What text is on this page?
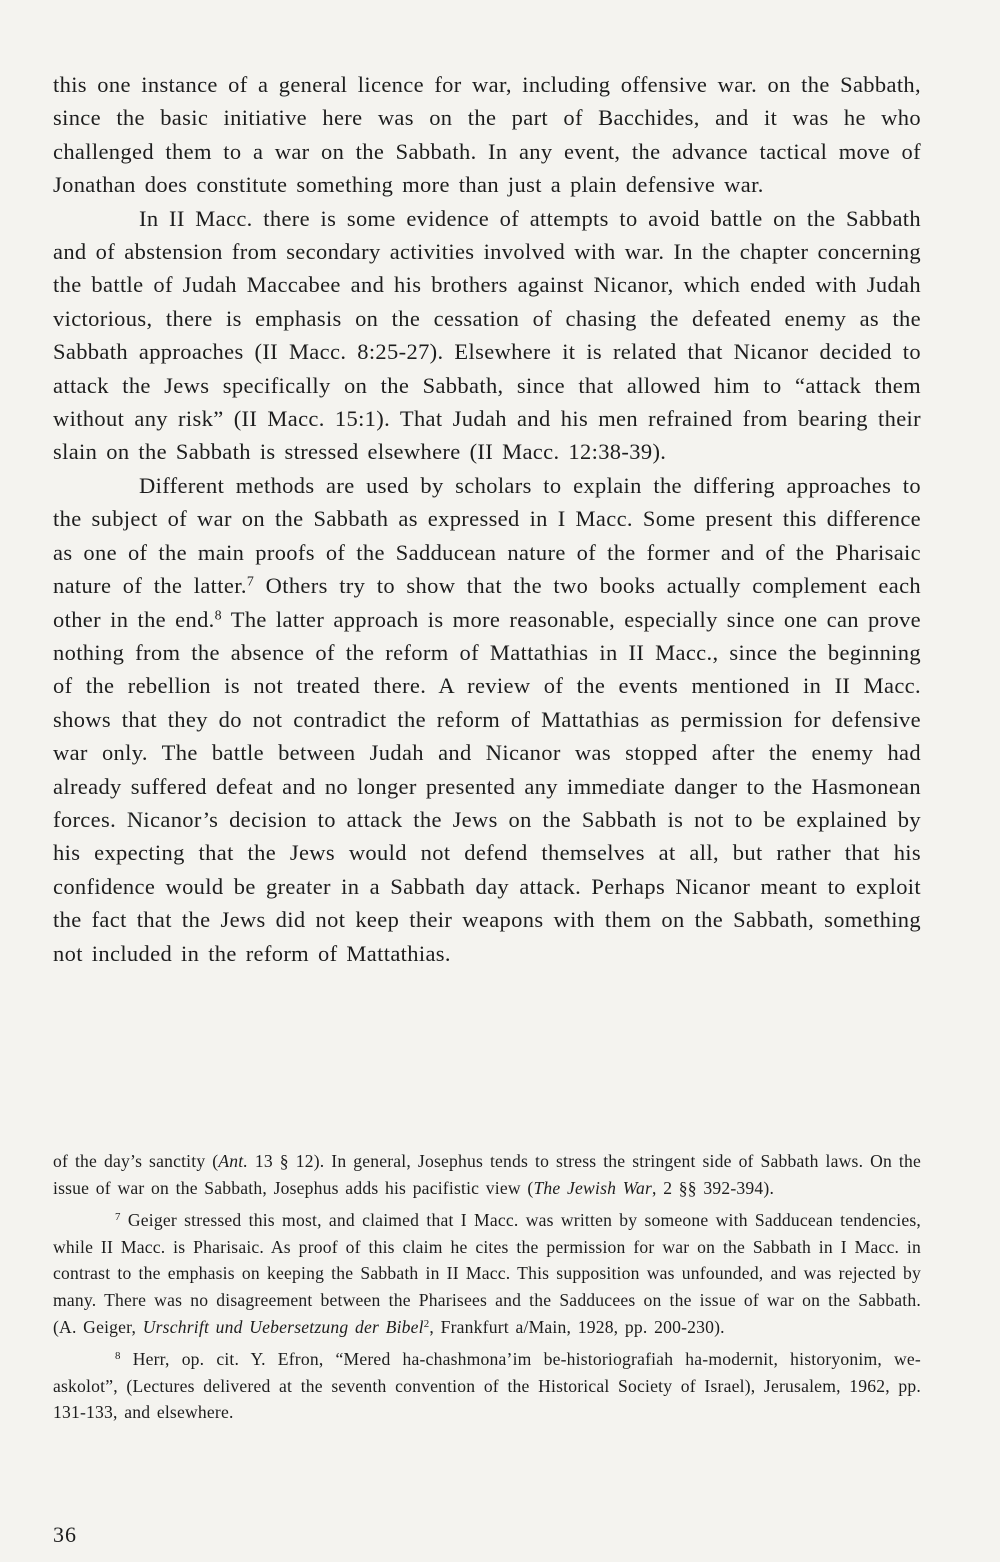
this one instance of a general licence for war, including offensive war. on the Sabbath, since the basic initiative here was on the part of Bacchides, and it was he who challenged them to a war on the Sabbath. In any event, the advance tactical move of Jonathan does constitute something more than just a plain defensive war.

In II Macc. there is some evidence of attempts to avoid battle on the Sabbath and of abstension from secondary activities involved with war. In the chapter concerning the battle of Judah Maccabee and his brothers against Nicanor, which ended with Judah victorious, there is emphasis on the cessation of chasing the defeated enemy as the Sabbath approaches (II Macc. 8:25-27). Elsewhere it is related that Nicanor decided to attack the Jews specifically on the Sabbath, since that allowed him to “attack them without any risk” (II Macc. 15:1). That Judah and his men refrained from bearing their slain on the Sabbath is stressed elsewhere (II Macc. 12:38-39).

Different methods are used by scholars to explain the differing approaches to the subject of war on the Sabbath as expressed in I Macc. Some present this difference as one of the main proofs of the Sadducean nature of the former and of the Pharisaic nature of the latter.$^7$ Others try to show that the two books actually complement each other in the end.$^8$ The latter approach is more reasonable, especially since one can prove nothing from the absence of the reform of Mattathias in II Macc., since the beginning of the rebellion is not treated there. A review of the events mentioned in II Macc. shows that they do not contradict the reform of Mattathias as permission for defensive war only. The battle between Judah and Nicanor was stopped after the enemy had already suffered defeat and no longer presented any immediate danger to the Hasmonean forces. Nicanor’s decision to attack the Jews on the Sabbath is not to be explained by his expecting that the Jews would not defend themselves at all, but rather that his confidence would be greater in a Sabbath day attack. Perhaps Nicanor meant to exploit the fact that the Jews did not keep their weapons with them on the Sabbath, something not included in the reform of Mattathias.

of the day’s sanctity (Ant. 13 § 12). In general, Josephus tends to stress the stringent side of Sabbath laws. On the issue of war on the Sabbath, Josephus adds his pacifistic view (The Jewish War, 2 §§ 392-394).

$^7$ Geiger stressed this most, and claimed that I Macc. was written by someone with Sadducean tendencies, while II Macc. is Pharisaic. As proof of this claim he cites the permission for war on the Sabbath in I Macc. in contrast to the emphasis on keeping the Sabbath in II Macc. This supposition was unfounded, and was rejected by many. There was no disagreement between the Pharisees and the Sadducees on the issue of war on the Sabbath. (A. Geiger, Urschrift und Uebersetzung der Bibel$^2$, Frankfurt a/Main, 1928, pp. 200-230).

$^8$ Herr, op. cit. Y. Efron, “Mered ha-chashmona’im be-historiografiah ha-modernit, historyonim, we-askolot”, (Lectures delivered at the seventh convention of the Historical Society of Israel), Jerusalem, 1962, pp. 131-133, and elsewhere.

36
